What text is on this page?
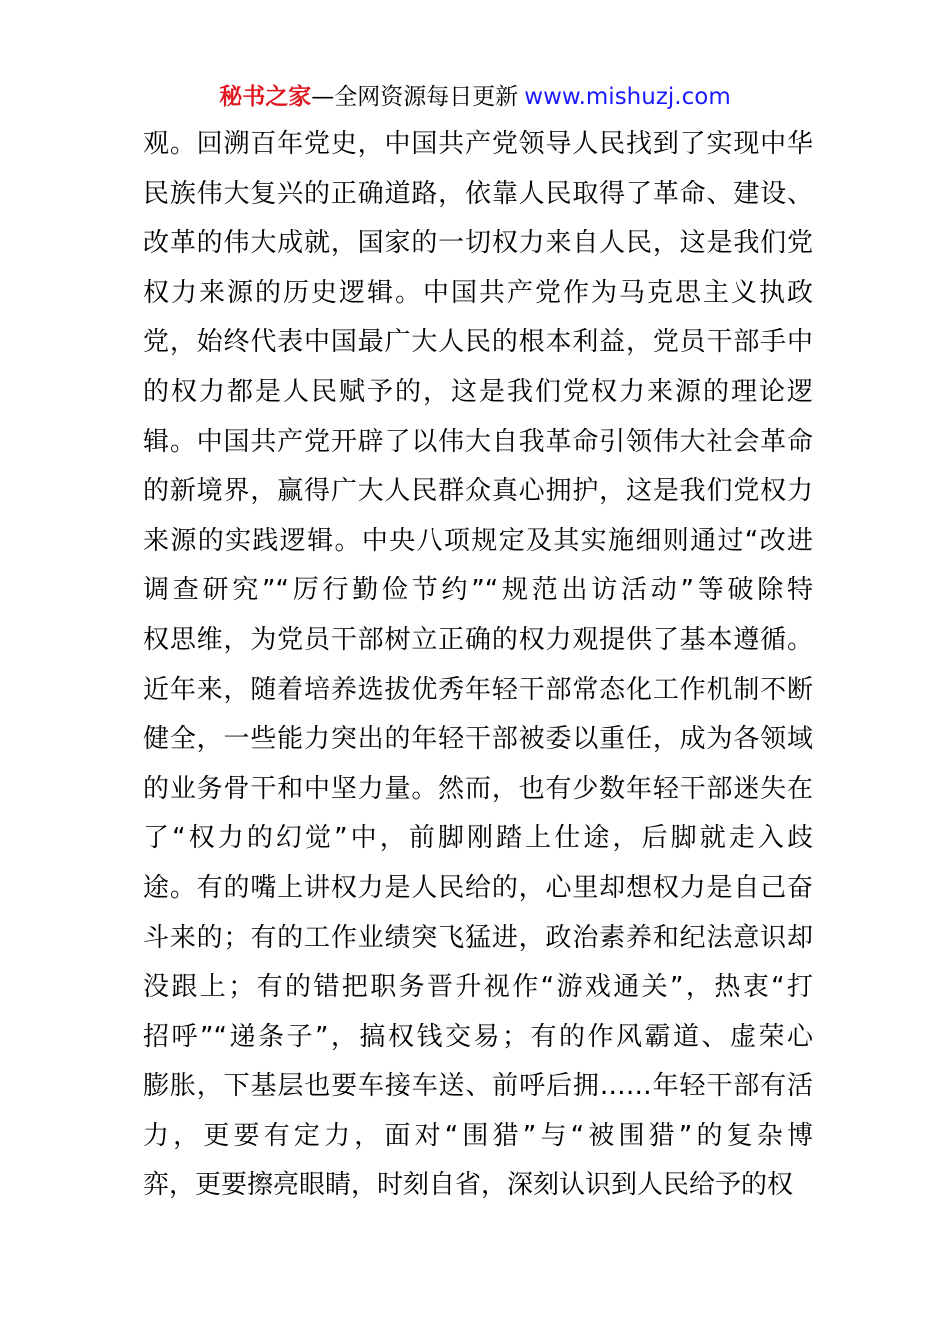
秘书之家—全网资源每日更新 www.mishuzj.com
观。回溯百年党史，中国共产党领导人民找到了实现中华
民族伟大复兴的正确道路，依靠人民取得了革命、建设、
改革的伟大成就，国家的一切权力来自人民，这是我们党
权力来源的历史逻辑。中国共产党作为马克思主义执政
党，始终代表中国最广大人民的根本利益，党员干部手中
的权力都是人民赋予的，这是我们党权力来源的理论逻
辑。中国共产党开辟了以伟大自我革命引领伟大社会革命
的新境界，赢得广大人民群众真心拥护，这是我们党权力
来源的实践逻辑。中央八项规定及其实施细则通过“改进
调查研究”“厉行勤俭节约”“规范出访活动”等破除特
权思维，为党员干部树立正确的权力观提供了基本遵循。
近年来，随着培养选拔优秀年轻干部常态化工作机制不断
健全，一些能力突出的年轻干部被委以重任，成为各领域
的业务骨干和中坚力量。然而，也有少数年轻干部迷失在
了“权力的幻觉”中，前脚刚踏上仕途，后脚就走入歧
途。有的嘴上讲权力是人民给的，心里却想权力是自己奋
斗来的；有的工作业绩突飞猛进，政治素养和纪法意识却
没跟上；有的错把职务晋升视作“游戏通关”，热衷“打
招呼”“递条子”，搞权钱交易；有的作风霸道、虚荣心
膨胀，下基层也要车接车送、前呼后拥……年轻干部有活
力，更要有定力，面对“围猎”与“被围猎”的复杂博
弈，更要擦亮眼睛，时刻自省，深刻认识到人民给予的权
